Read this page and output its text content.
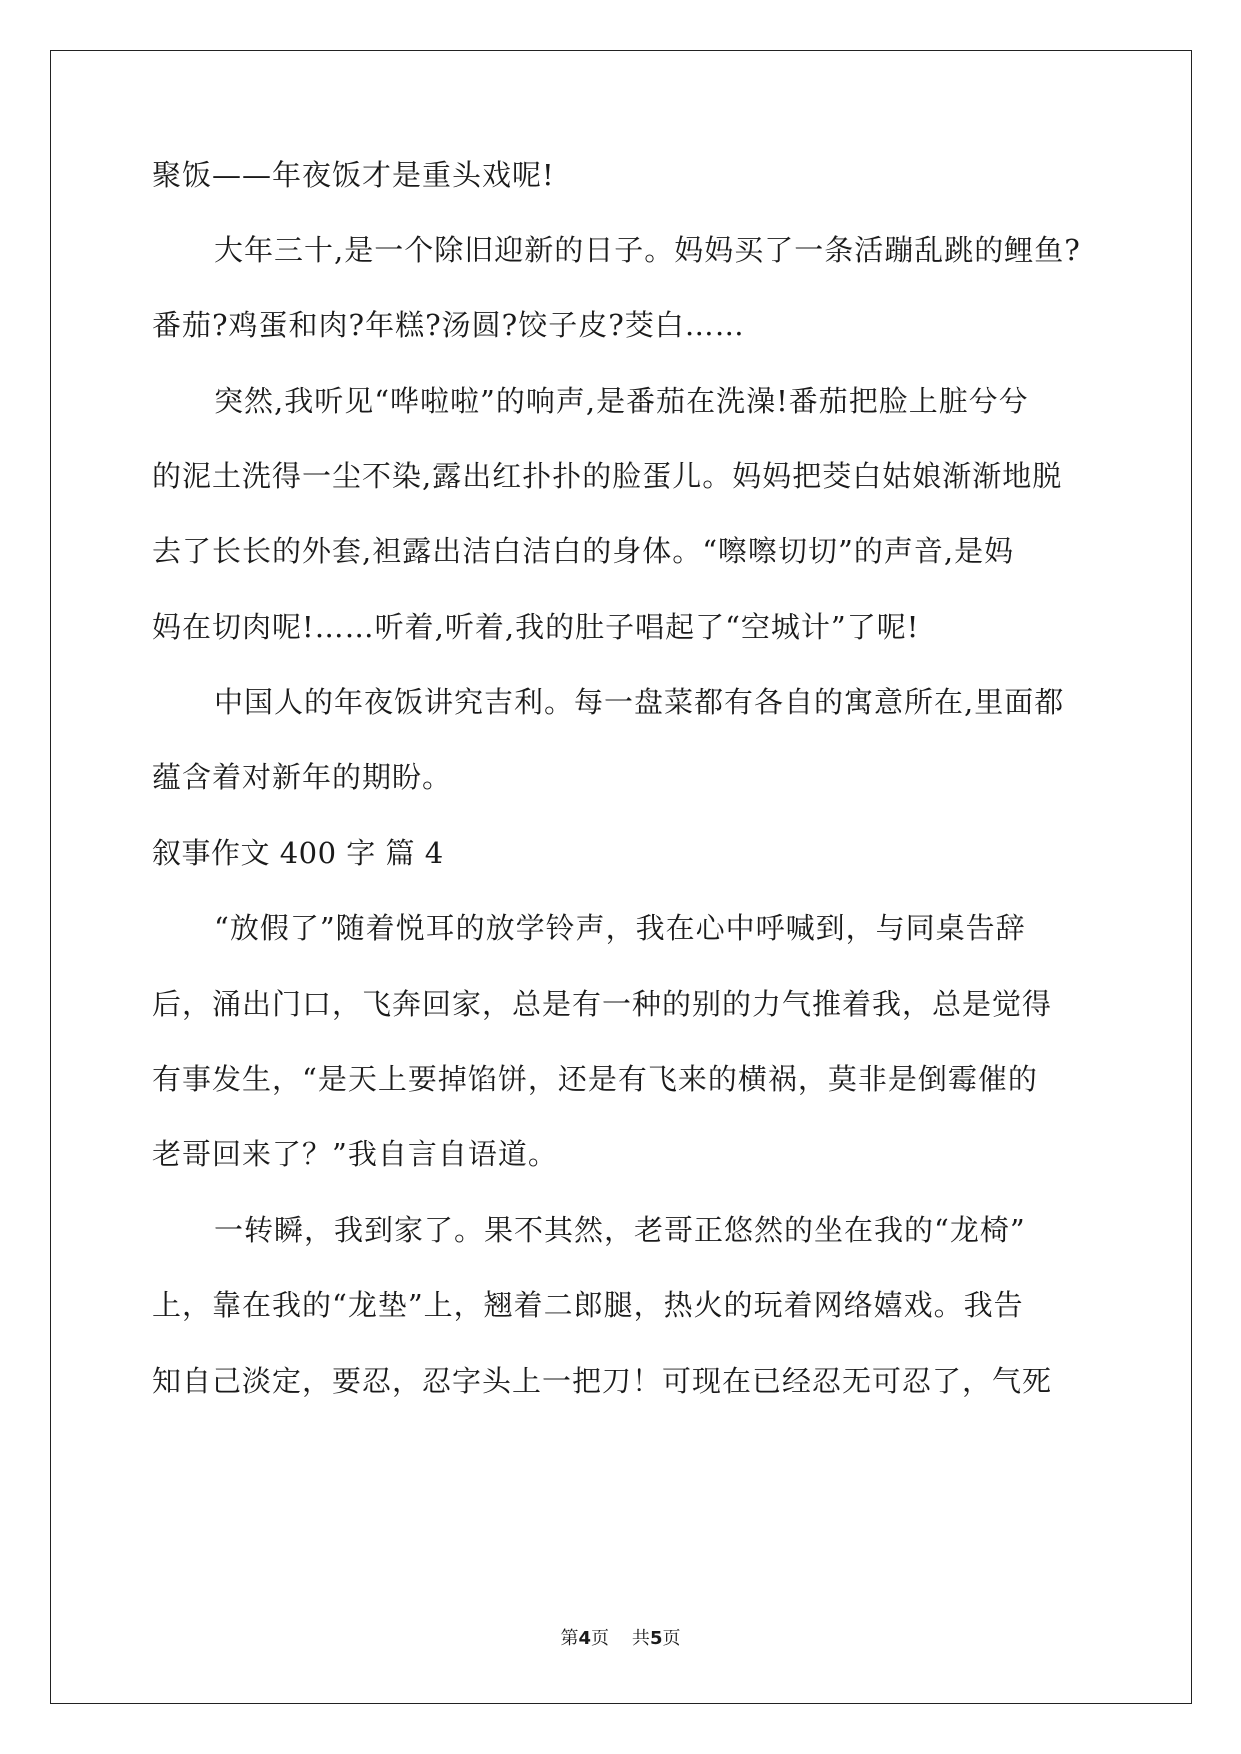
聚饭——年夜饭才是重头戏呢!
大年三十,是一个除旧迎新的日子。妈妈买了一条活蹦乱跳的鲤鱼?
番茄?鸡蛋和肉?年糕?汤圆?饺子皮?茭白……
突然,我听见“哗啦啦”的响声,是番茄在洗澡!番茄把脸上脏兮兮
的泥土洗得一尘不染,露出红扑扑的脸蛋儿。妈妈把茭白姑娘渐渐地脱
去了长长的外套,袒露出洁白洁白的身体。“嚓嚓切切”的声音,是妈
妈在切肉呢!……听着,听着,我的肚子唱起了“空城计”了呢!
中国人的年夜饭讲究吉利。每一盘菜都有各自的寓意所在,里面都
蕴含着对新年的期盼。
叙事作文 400 字 篇 4
“放假了”随着悦耳的放学铃声，我在心中呼喊到，与同桌告辞
后，涌出门口，飞奔回家，总是有一种的别的力气推着我，总是觉得
有事发生，“是天上要掉馅饼，还是有飞来的横祸，莫非是倒霉催的
老哥回来了？”我自言自语道。
一转瞬，我到家了。果不其然，老哥正悠然的坐在我的“龙椅”
上，靠在我的“龙垫”上，翘着二郎腿，热火的玩着网络嬉戏。我告
知自己淡定，要忍，忍字头上一把刀！可现在已经忍无可忍了，气死
第4页    共5页
